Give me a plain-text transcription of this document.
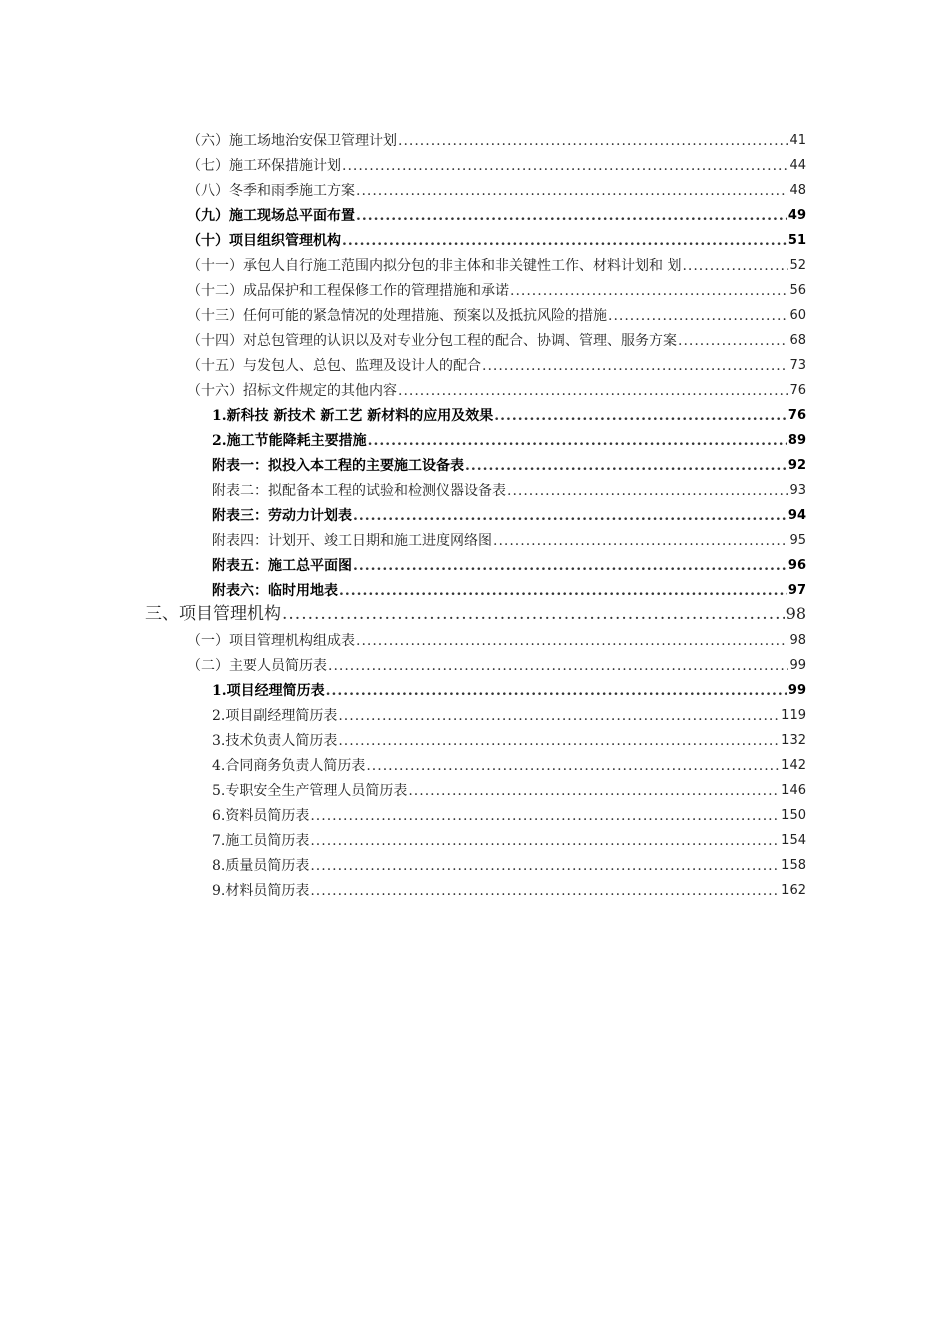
（六）施工场地治安保卫管理计划 .....	41
（七）施工环保措施计划 .....	44
（八）冬季和雨季施工方案 .....	48
（九）施工现场总平面布置 .....	49
（十）项目组织管理机构 .....	51
（十一）承包人自行施工范围内拟分包的非主体和非关键性工作、材料计划和 划 .....	52
（十二）成品保护和工程保修工作的管理措施和承诺 .....	56
（十三）任何可能的紧急情况的处理措施、预案以及抵抗风险的措施 .....	60
（十四）对总包管理的认识以及对专业分包工程的配合、协调、管理、服务方案 .....	68
（十五）与发包人、总包、监理及设计人的配合 .....	73
（十六）招标文件规定的其他内容 .....	76
1.新科技 新技术 新工艺 新材料的应用及效果 .....	76
2.施工节能降耗主要措施 .....	89
附表一：拟投入本工程的主要施工设备表 .....	92
附表二：拟配备本工程的试验和检测仪器设备表 .....	93
附表三：劳动力计划表 .....	94
附表四：计划开、竣工日期和施工进度网络图 .....	95
附表五：施工总平面图 .....	96
附表六：临时用地表 .....	97
三、项目管理机构 .....	98
（一）项目管理机构组成表 .....	98
（二）主要人员简历表 .....	99
1.项目经理简历表 .....	99
2.项目副经理简历表 .....	119
3.技术负责人简历表 .....	132
4.合同商务负责人简历表 .....	142
5.专职安全生产管理人员简历表 .....	146
6.资料员简历表 .....	150
7.施工员简历表 .....	154
8.质量员简历表 .....	158
9.材料员简历表 .....	162
